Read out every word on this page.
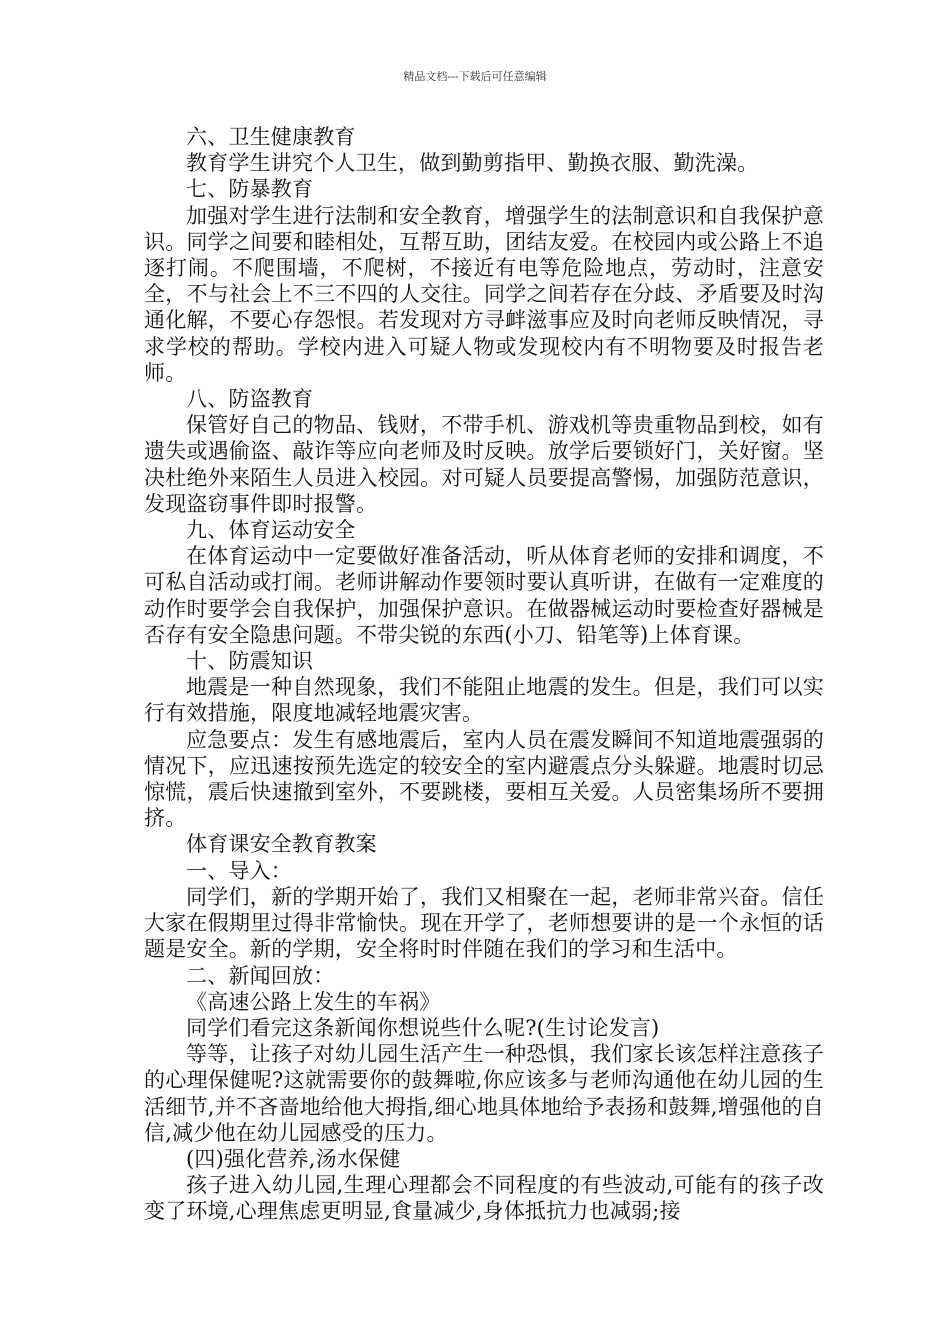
精品文档---下载后可任意编辑

六、卫生健康教育

教育学生讲究个人卫生，做到勤剪指甲、勤换衣服、勤洗澡。

七、防暴教育

加强对学生进行法制和安全教育，增强学生的法制意识和自我保护意识。同学之间要和睦相处，互帮互助，团结友爱。在校园内或公路上不追逐打闹。不爬围墙，不爬树，不接近有电等危险地点，劳动时，注意安全，不与社会上不三不四的人交往。同学之间若存在分歧、矛盾要及时沟通化解，不要心存怨恨。若发现对方寻衅滋事应及时向老师反映情况，寻求学校的帮助。学校内进入可疑人物或发现校内有不明物要及时报告老师。

八、防盗教育

保管好自己的物品、钱财，不带手机、游戏机等贵重物品到校，如有遗失或遇偷盗、敲诈等应向老师及时反映。放学后要锁好门，关好窗。坚决杜绝外来陌生人员进入校园。对可疑人员要提高警惕，加强防范意识，发现盗窃事件即时报警。

九、体育运动安全

在体育运动中一定要做好准备活动，听从体育老师的安排和调度，不可私自活动或打闹。老师讲解动作要领时要认真听讲，在做有一定难度的动作时要学会自我保护，加强保护意识。在做器械运动时要检查好器械是否存有安全隐患问题。不带尖锐的东西(小刀、铅笔等)上体育课。

十、防震知识

地震是一种自然现象，我们不能阻止地震的发生。但是，我们可以实行有效措施，限度地减轻地震灾害。

应急要点：发生有感地震后，室内人员在震发瞬间不知道地震强弱的情况下，应迅速按预先选定的较安全的室内避震点分头躲避。地震时切忌惊慌，震后快速撤到室外，不要跳楼，要相互关爱。人员密集场所不要拥挤。

体育课安全教育教案

一、导入：

同学们，新的学期开始了，我们又相聚在一起，老师非常兴奋。信任大家在假期里过得非常愉快。现在开学了，老师想要讲的是一个永恒的话题是安全。新的学期，安全将时时伴随在我们的学习和生活中。

二、新闻回放：

《高速公路上发生的车祸》

同学们看完这条新闻你想说些什么呢?(生讨论发言)

等等，让孩子对幼儿园生活产生一种恐惧，我们家长该怎样注意孩子的心理保健呢?这就需要你的鼓舞啦,你应该多与老师沟通他在幼儿园的生活细节,并不吝啬地给他大拇指,细心地具体地给予表扬和鼓舞,增强他的自信,减少他在幼儿园感受的压力。

(四)强化营养,汤水保健

孩子进入幼儿园,生理心理都会不同程度的有些波动,可能有的孩子改变了环境,心理焦虑更明显,食量减少,身体抵抗力也减弱;接
